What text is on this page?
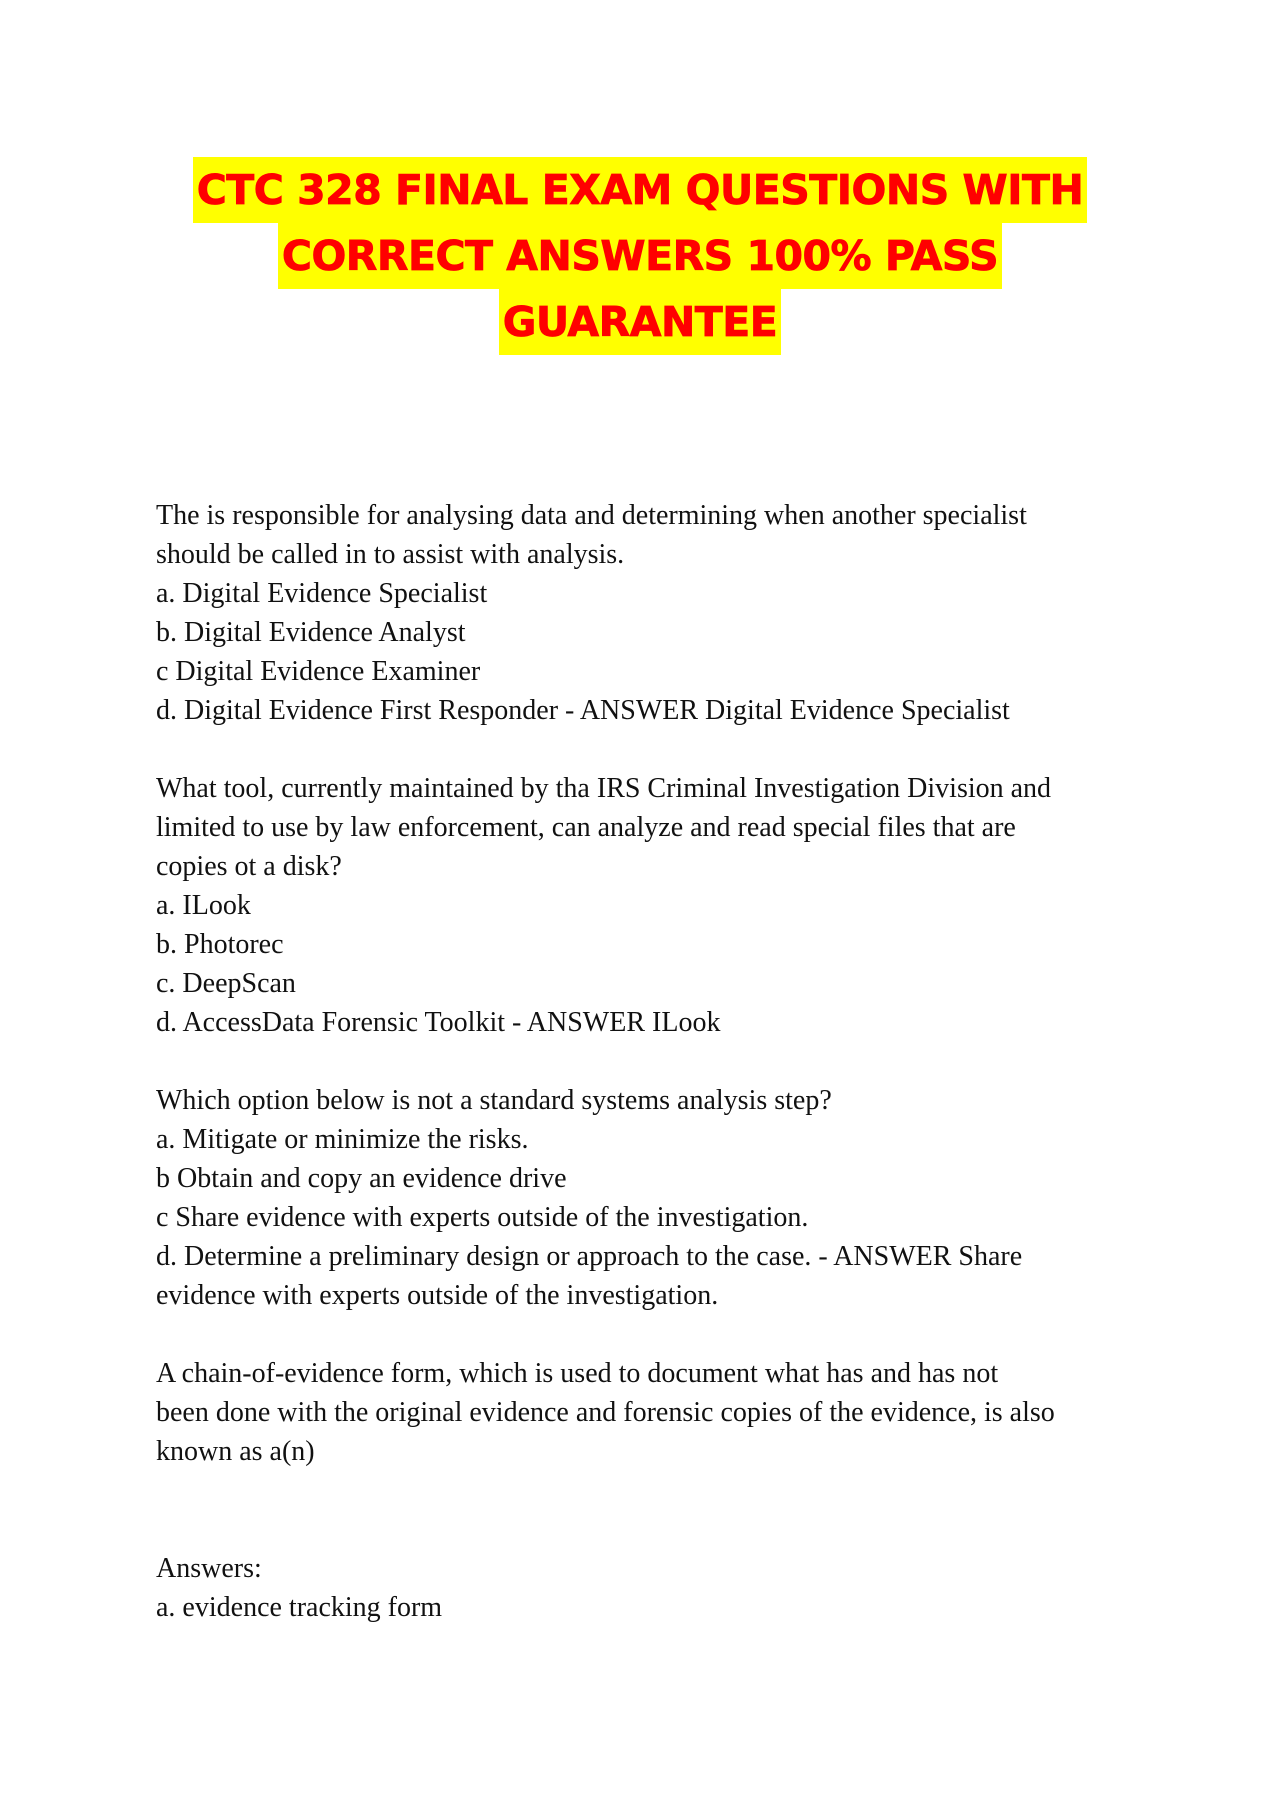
CTC 328 FINAL EXAM QUESTIONS WITH
CORRECT ANSWERS 100% PASS
GUARANTEE
The is responsible for analysing data and determining when another specialist
should be called in to assist with analysis.
a. Digital Evidence Specialist
b. Digital Evidence Analyst
c Digital Evidence Examiner
d. Digital Evidence First Responder - ANSWER Digital Evidence Specialist
What tool, currently maintained by tha IRS Criminal Investigation Division and
limited to use by law enforcement, can analyze and read special files that are
copies ot a disk?
a. ILook
b. Photorec
c. DeepScan
d. AccessData Forensic Toolkit - ANSWER ILook
Which option below is not a standard systems analysis step?
a. Mitigate or minimize the risks.
b Obtain and copy an evidence drive
c Share evidence with experts outside of the investigation.
d. Determine a preliminary design or approach to the case. - ANSWER Share
evidence with experts outside of the investigation.
A chain-of-evidence form, which is used to document what has and has not
been done with the original evidence and forensic copies of the evidence, is also
known as a(n)
Answers:
a. evidence tracking form
